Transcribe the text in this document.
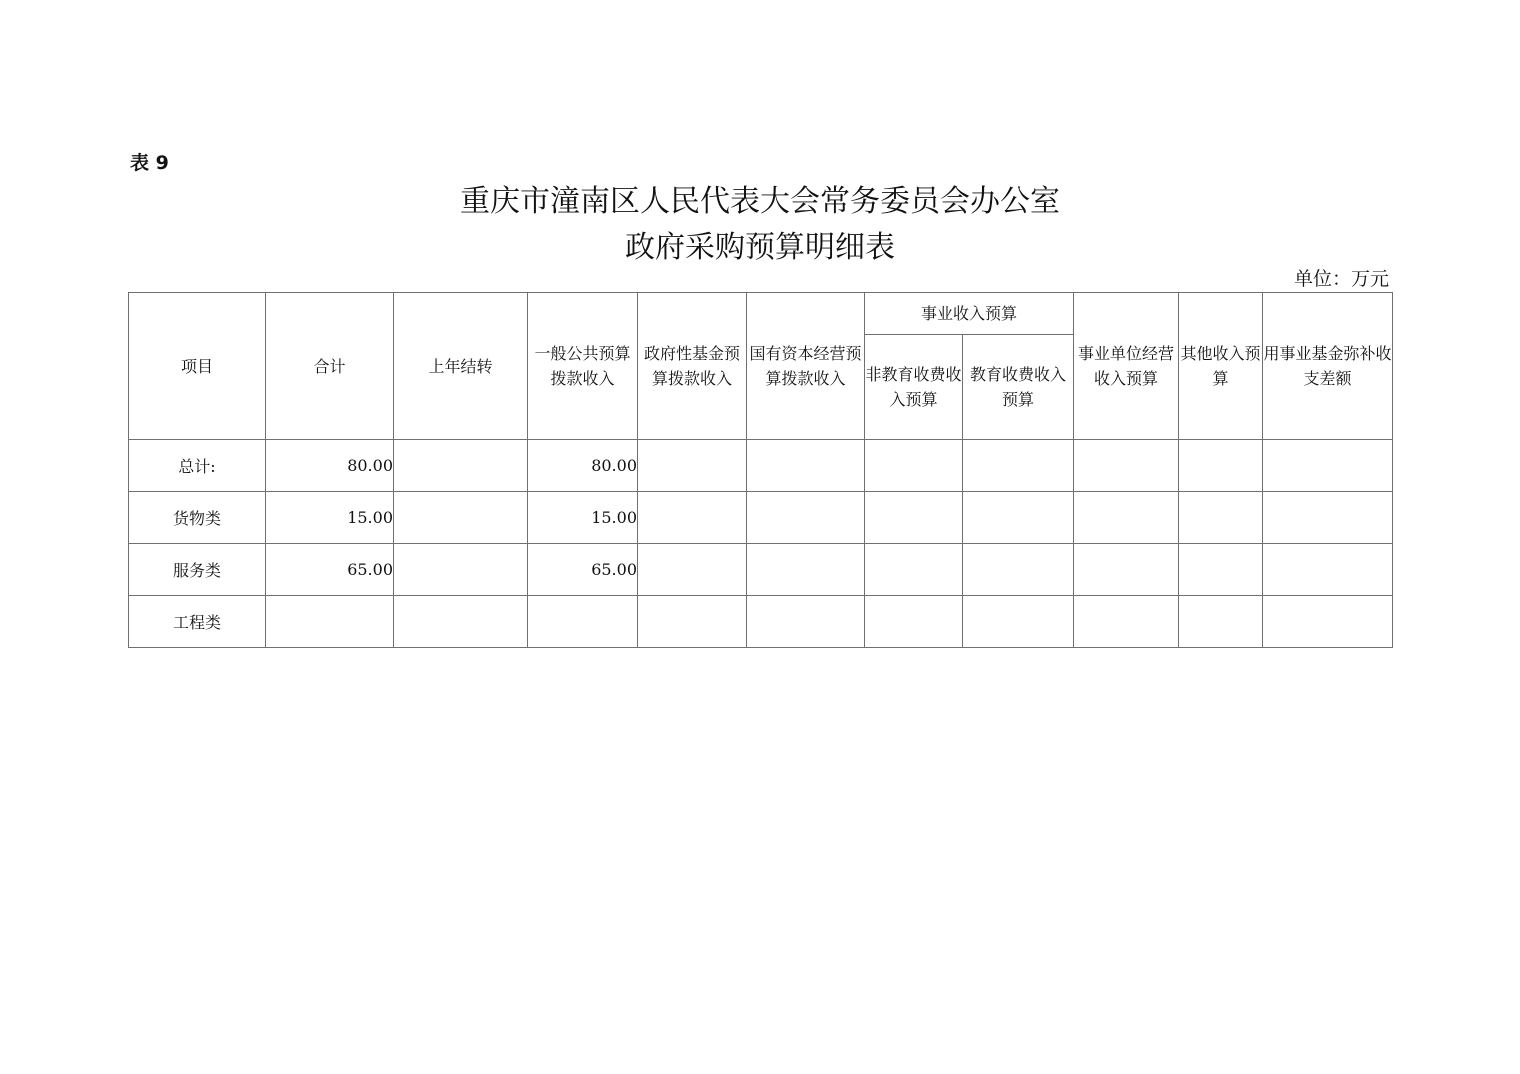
表 9
重庆市潼南区人民代表大会常务委员会办公室
政府采购预算明细表
单位：万元
项目	合计	上年结转	一般公共预算拨款收入	政府性基金预算拨款收入	国有资本经营预算拨款收入	事业收入预算		事业单位经营收入预算	其他收入预算	用事业基金弥补收支差额
						非教育收费收入预算	教育收费收入预算			
总计:	80.00		80.00							
货物类	15.00		15.00							
服务类	65.00		65.00							
工程类										
